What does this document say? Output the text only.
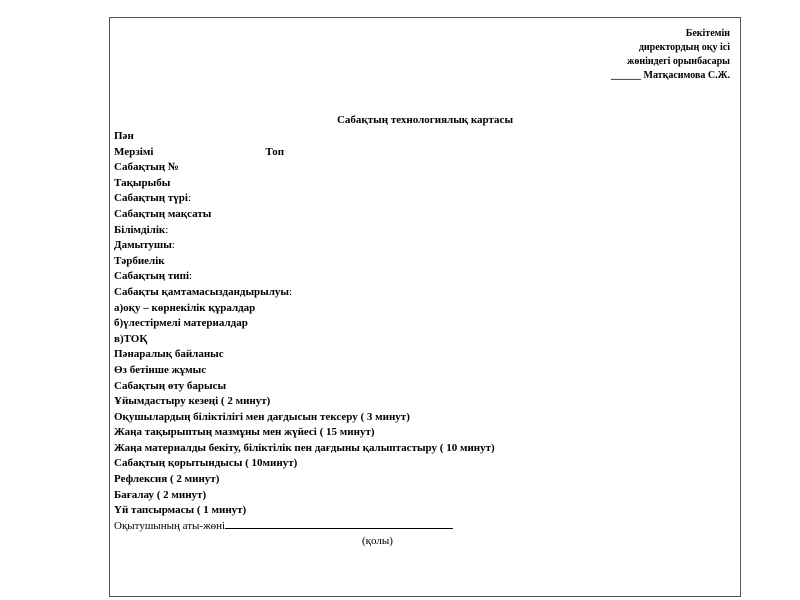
Бекітемін
директордың оқу ісі
жөніндегі орынбасары
______ Матқасимова С.Ж.
Сабақтың технологиялық картасы
Пән
Мерзімі	Топ
Сабақтың №
Тақырыбы
Сабақтың түрі:
Сабақтың мақсаты
Білімділік:
Дамытушы:
Тәрбиелік
Сабақтың типі:
Сабақты қамтамасыздандырылуы:
а)оқу – көрнекілік құралдар
б)үлестірмелі материалдар
в)ТОҚ
Пәнаралық байланыс
Өз бетінше жұмыс
Сабақтың өту барысы
Ұйымдастыру кезеңі ( 2 минут)
Оқушылардың біліктілігі мен дағдысын тексеру ( 3 минут)
Жаңа тақырыптың мазмұны мен жүйесі ( 15 минут)
Жаңа материалды бекіту, біліктілік пен дағдыны қалыптастыру ( 10 минут)
Сабақтың қорытындысы ( 10минут)
Рефлексия ( 2 минут)
Бағалау ( 2 минут)
Үй тапсырмасы ( 1 минут)
Оқытушының аты-жөні
(қолы)
